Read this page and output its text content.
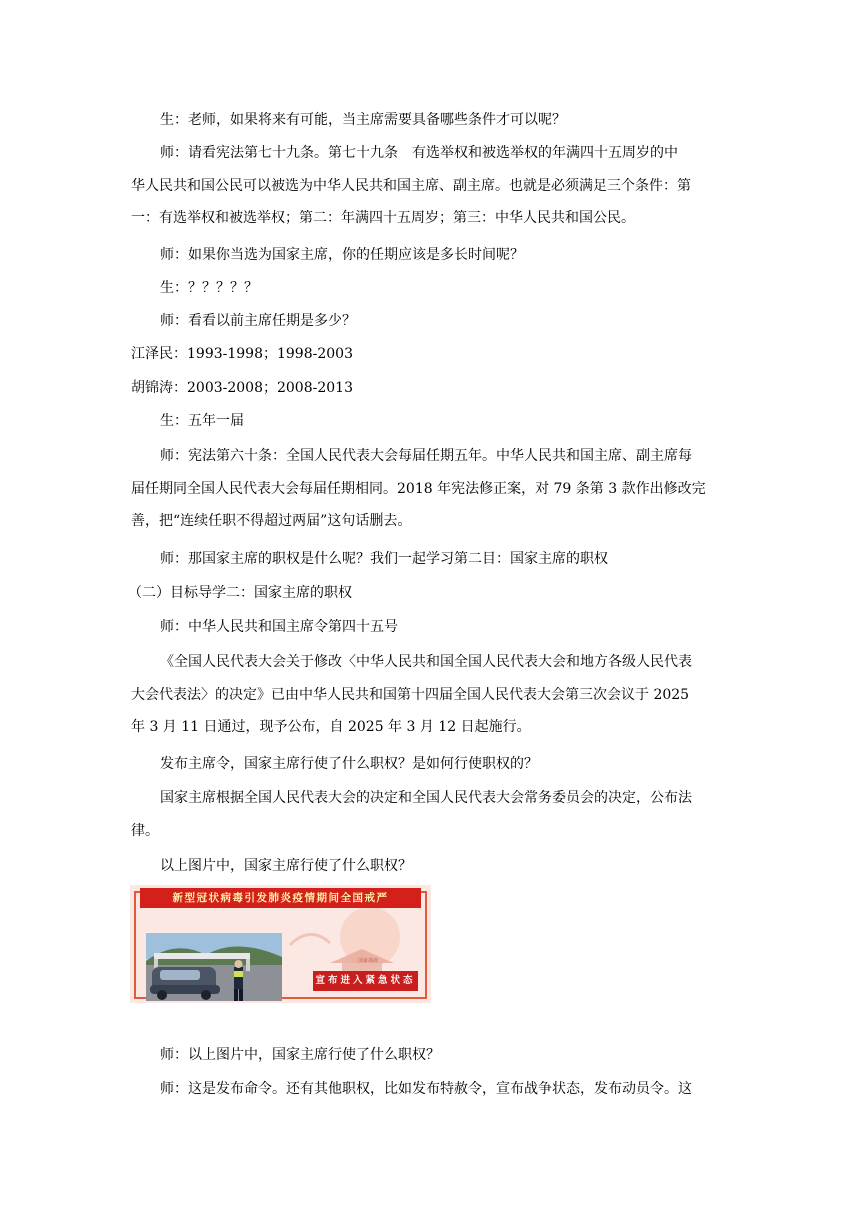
生：老师，如果将来有可能，当主席需要具备哪些条件才可以呢？
师：请看宪法第七十九条。第七十九条 有选举权和被选举权的年满四十五周岁的中
华人民共和国公民可以被选为中华人民共和国主席、副主席。也就是必须满足三个条件：第
一：有选举权和被选举权；第二：年满四十五周岁；第三：中华人民共和国公民。
师：如果你当选为国家主席，你的任期应该是多长时间呢？
生：？？？？？
师：看看以前主席任期是多少？
江泽民：1993-1998；1998-2003
胡锦涛：2003-2008；2008-2013
生：五年一届
师：宪法第六十条：全国人民代表大会每届任期五年。中华人民共和国主席、副主席每
届任期同全国人民代表大会每届任期相同。2018 年宪法修正案，对 79 条第 3 款作出修改完
善，把“连续任职不得超过两届”这句话删去。
师：那国家主席的职权是什么呢？我们一起学习第二目：国家主席的职权
（二）目标导学二：国家主席的职权
师：中华人民共和国主席令第四十五号
《全国人民代表大会关于修改〈中华人民共和国全国人民代表大会和地方各级人民代表
大会代表法〉的决定》已由中华人民共和国第十四届全国人民代表大会第三次会议于 2025
年 3 月 11 日通过，现予公布，自 2025 年 3 月 12 日起施行。
发布主席令，国家主席行使了什么职权？是如何行使职权的？
国家主席根据全国人民代表大会的决定和全国人民代表大会常务委员会的决定，公布法
律。
以上图片中，国家主席行使了什么职权？
新型冠状病毒引发肺炎疫情期间全国戒严
国家战疫
宣布进入紧急状态
师：以上图片中，国家主席行使了什么职权？
师：这是发布命令。还有其他职权，比如发布特赦令，宣布战争状态，发布动员令。这
